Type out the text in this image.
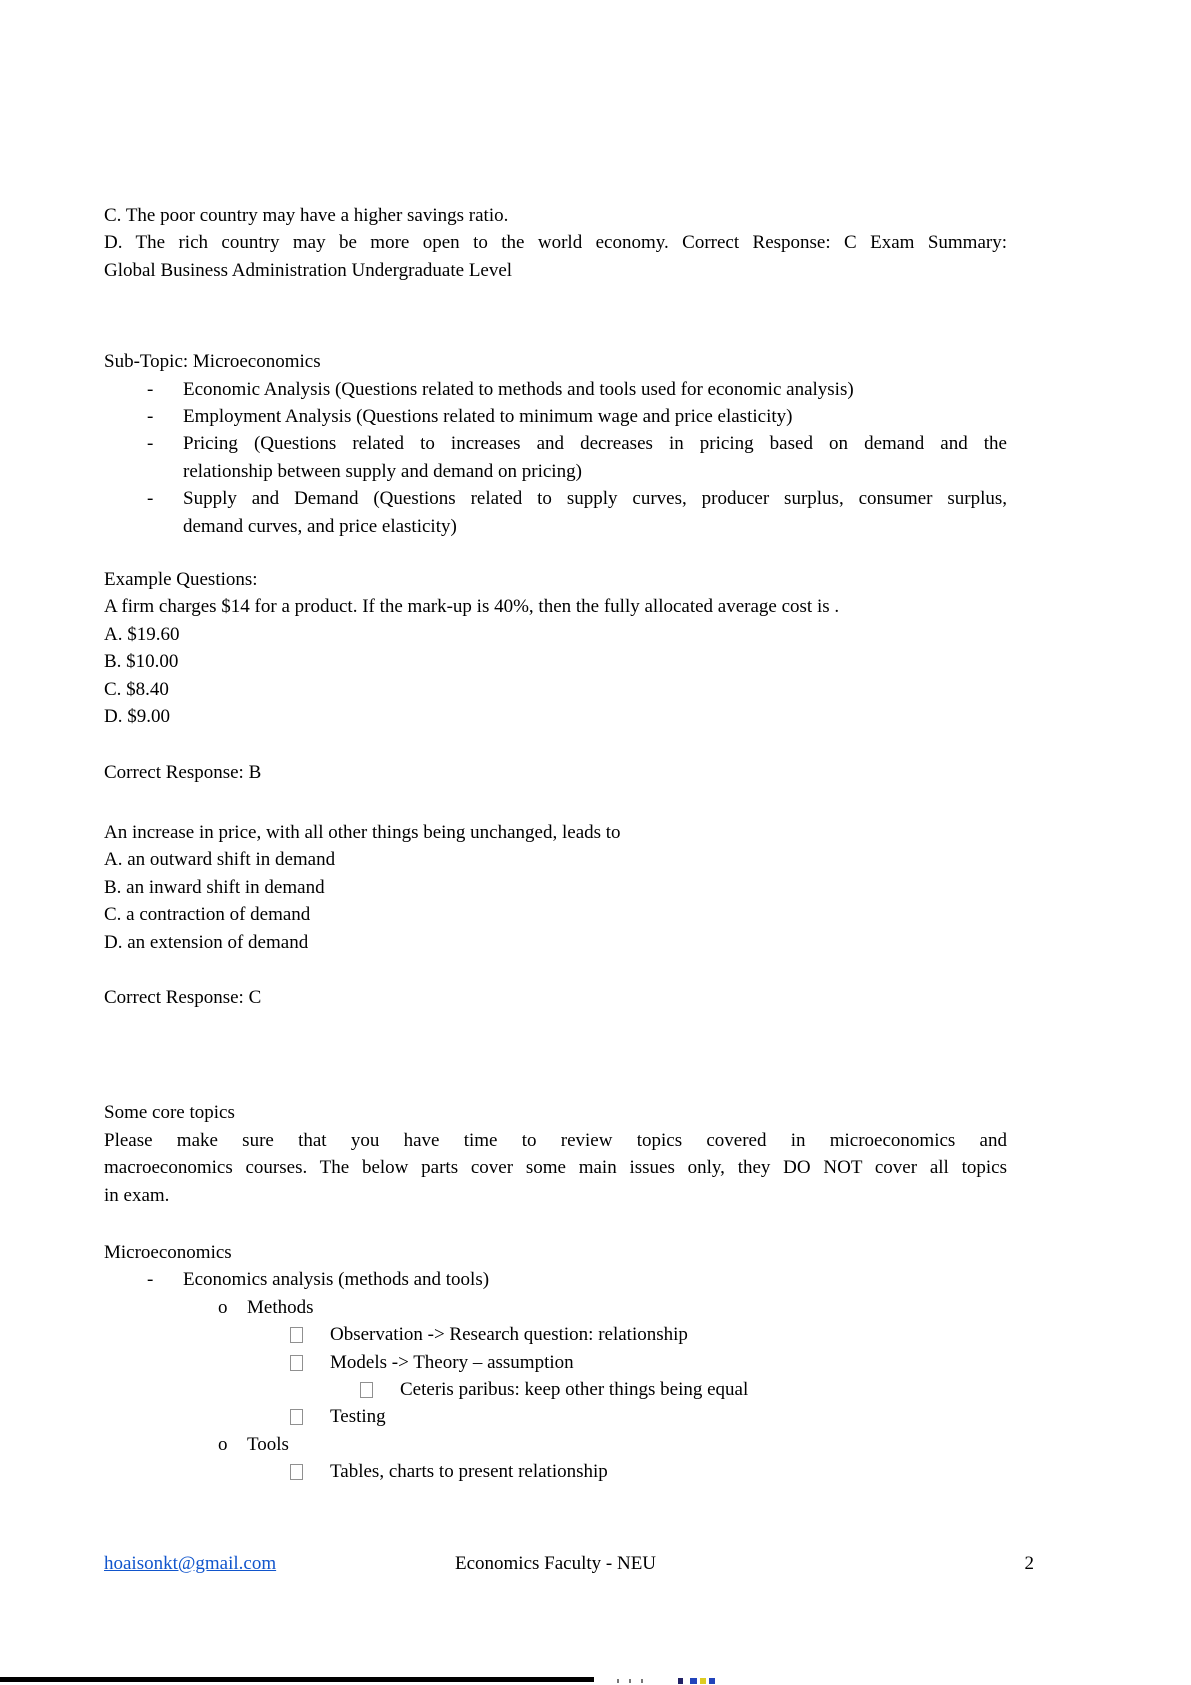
C. The poor country may have a higher savings ratio.
D. The rich country may be more open to the world economy. Correct Response: C Exam Summary:
Global Business Administration Undergraduate Level
Sub-Topic: Microeconomics
- Economic Analysis (Questions related to methods and tools used for economic analysis)
- Employment Analysis (Questions related to minimum wage and price elasticity)
- Pricing (Questions related to increases and decreases in pricing based on demand and the
relationship between supply and demand on pricing)
- Supply and Demand (Questions related to supply curves, producer surplus, consumer surplus,
demand curves, and price elasticity)
Example Questions:
A firm charges $14 for a product. If the mark-up is 40%, then the fully allocated average cost is .
A. $19.60
B. $10.00
C. $8.40
D. $9.00
Correct Response: B
An increase in price, with all other things being unchanged, leads to
A. an outward shift in demand
B. an inward shift in demand
C. a contraction of demand
D. an extension of demand
Correct Response: C
Some core topics
Please make sure that you have time to review topics covered in microeconomics and
macroeconomics courses. The below parts cover some main issues only, they DO NOT cover all topics
in exam.
Microeconomics
- Economics analysis (methods and tools)
o Methods
Observation -> Research question: relationship
Models -> Theory – assumption
Ceteris paribus: keep other things being equal
Testing
o Tools
Tables, charts to present relationship
hoaisonkt@gmail.com	Economics Faculty - NEU	2
